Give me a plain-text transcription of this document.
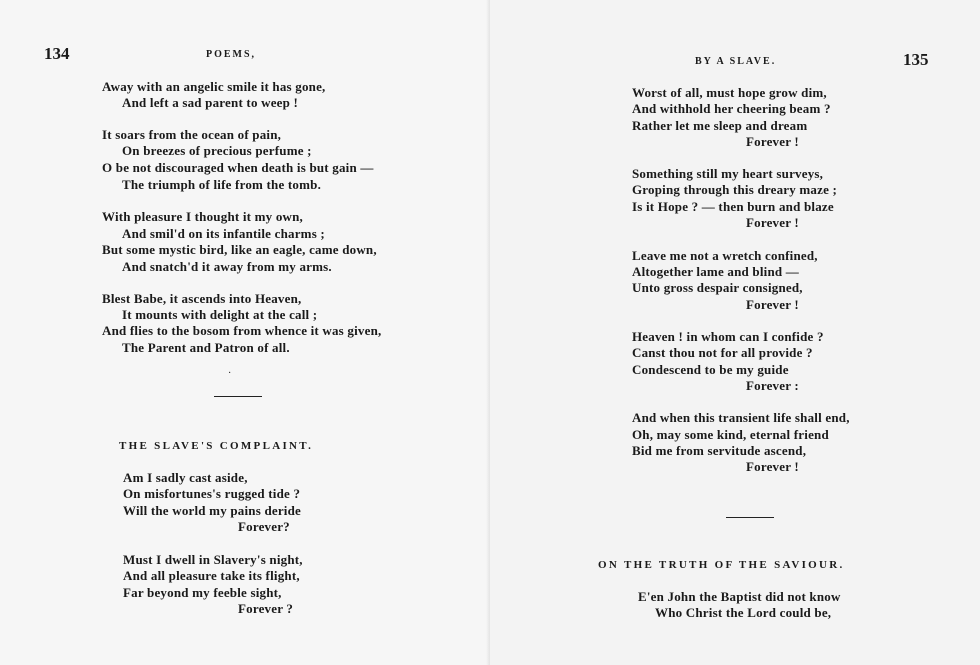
134	POEMS,
Away with an angelic smile it has gone,
And left a sad parent to weep !
It soars from the ocean of pain,
On breezes of precious perfume ;
O be not discouraged when death is but gain —
The triumph of life from the tomb.
With pleasure I thought it my own,
And smil'd on its infantile charms ;
But some mystic bird, like an eagle, came down,
And snatch'd it away from my arms.
Blest Babe, it ascends into Heaven,
It mounts with delight at the call ;
And flies to the bosom from whence it was given,
The Parent and Patron of all.
·
THE SLAVE'S COMPLAINT.
Am I sadly cast aside,
On misfortunes's rugged tide ?
Will the world my pains deride
Forever?
Must I dwell in Slavery's night,
And all pleasure take its flight,
Far beyond my feeble sight,
Forever ?
BY A SLAVE.	135
Worst of all, must hope grow dim,
And withhold her cheering beam ?
Rather let me sleep and dream
Forever !
Something still my heart surveys,
Groping through this dreary maze ;
Is it Hope ? — then burn and blaze
Forever !
Leave me not a wretch confined,
Altogether lame and blind —
Unto gross despair consigned,
Forever !
Heaven ! in whom can I confide ?
Canst thou not for all provide ?
Condescend to be my guide
Forever :
And when this transient life shall end,
Oh, may some kind, eternal friend
Bid me from servitude ascend,
Forever !
ON THE TRUTH OF THE SAVIOUR.
E'en John the Baptist did not know
Who Christ the Lord could be,
